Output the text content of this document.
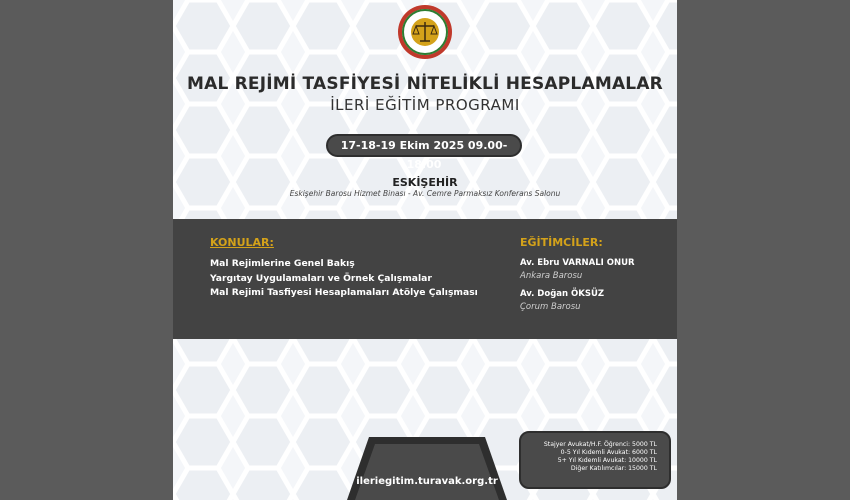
MAL REJİMİ TASFİYESİ NİTELİKLİ HESAPLAMALAR
İLERİ EĞİTİM PROGRAMI
17-18-19 Ekim 2025 09.00-18.00
ESKİŞEHİR
Eskişehir Barosu Hizmet Binası - Av. Cemre Parmaksız Konferans Salonu
KONULAR:
Mal Rejimlerine Genel Bakış
Yargıtay Uygulamaları ve Örnek Çalışmalar
Mal Rejimi Tasfiyesi Hesaplamaları Atölye Çalışması
EĞİTİMCİLER:
Av. Ebru VARNALI ONUR
Ankara Barosu
Av. Doğan ÖKSÜZ
Çorum Barosu
ileriegitim.turavak.org.tr
Stajyer Avukat/H.F. Öğrenci: 5000 TL
0-5 Yıl Kıdemli Avukat: 6000 TL
5+ Yıl Kıdemli Avukat: 10000 TL
Diğer Katılımcılar: 15000 TL
